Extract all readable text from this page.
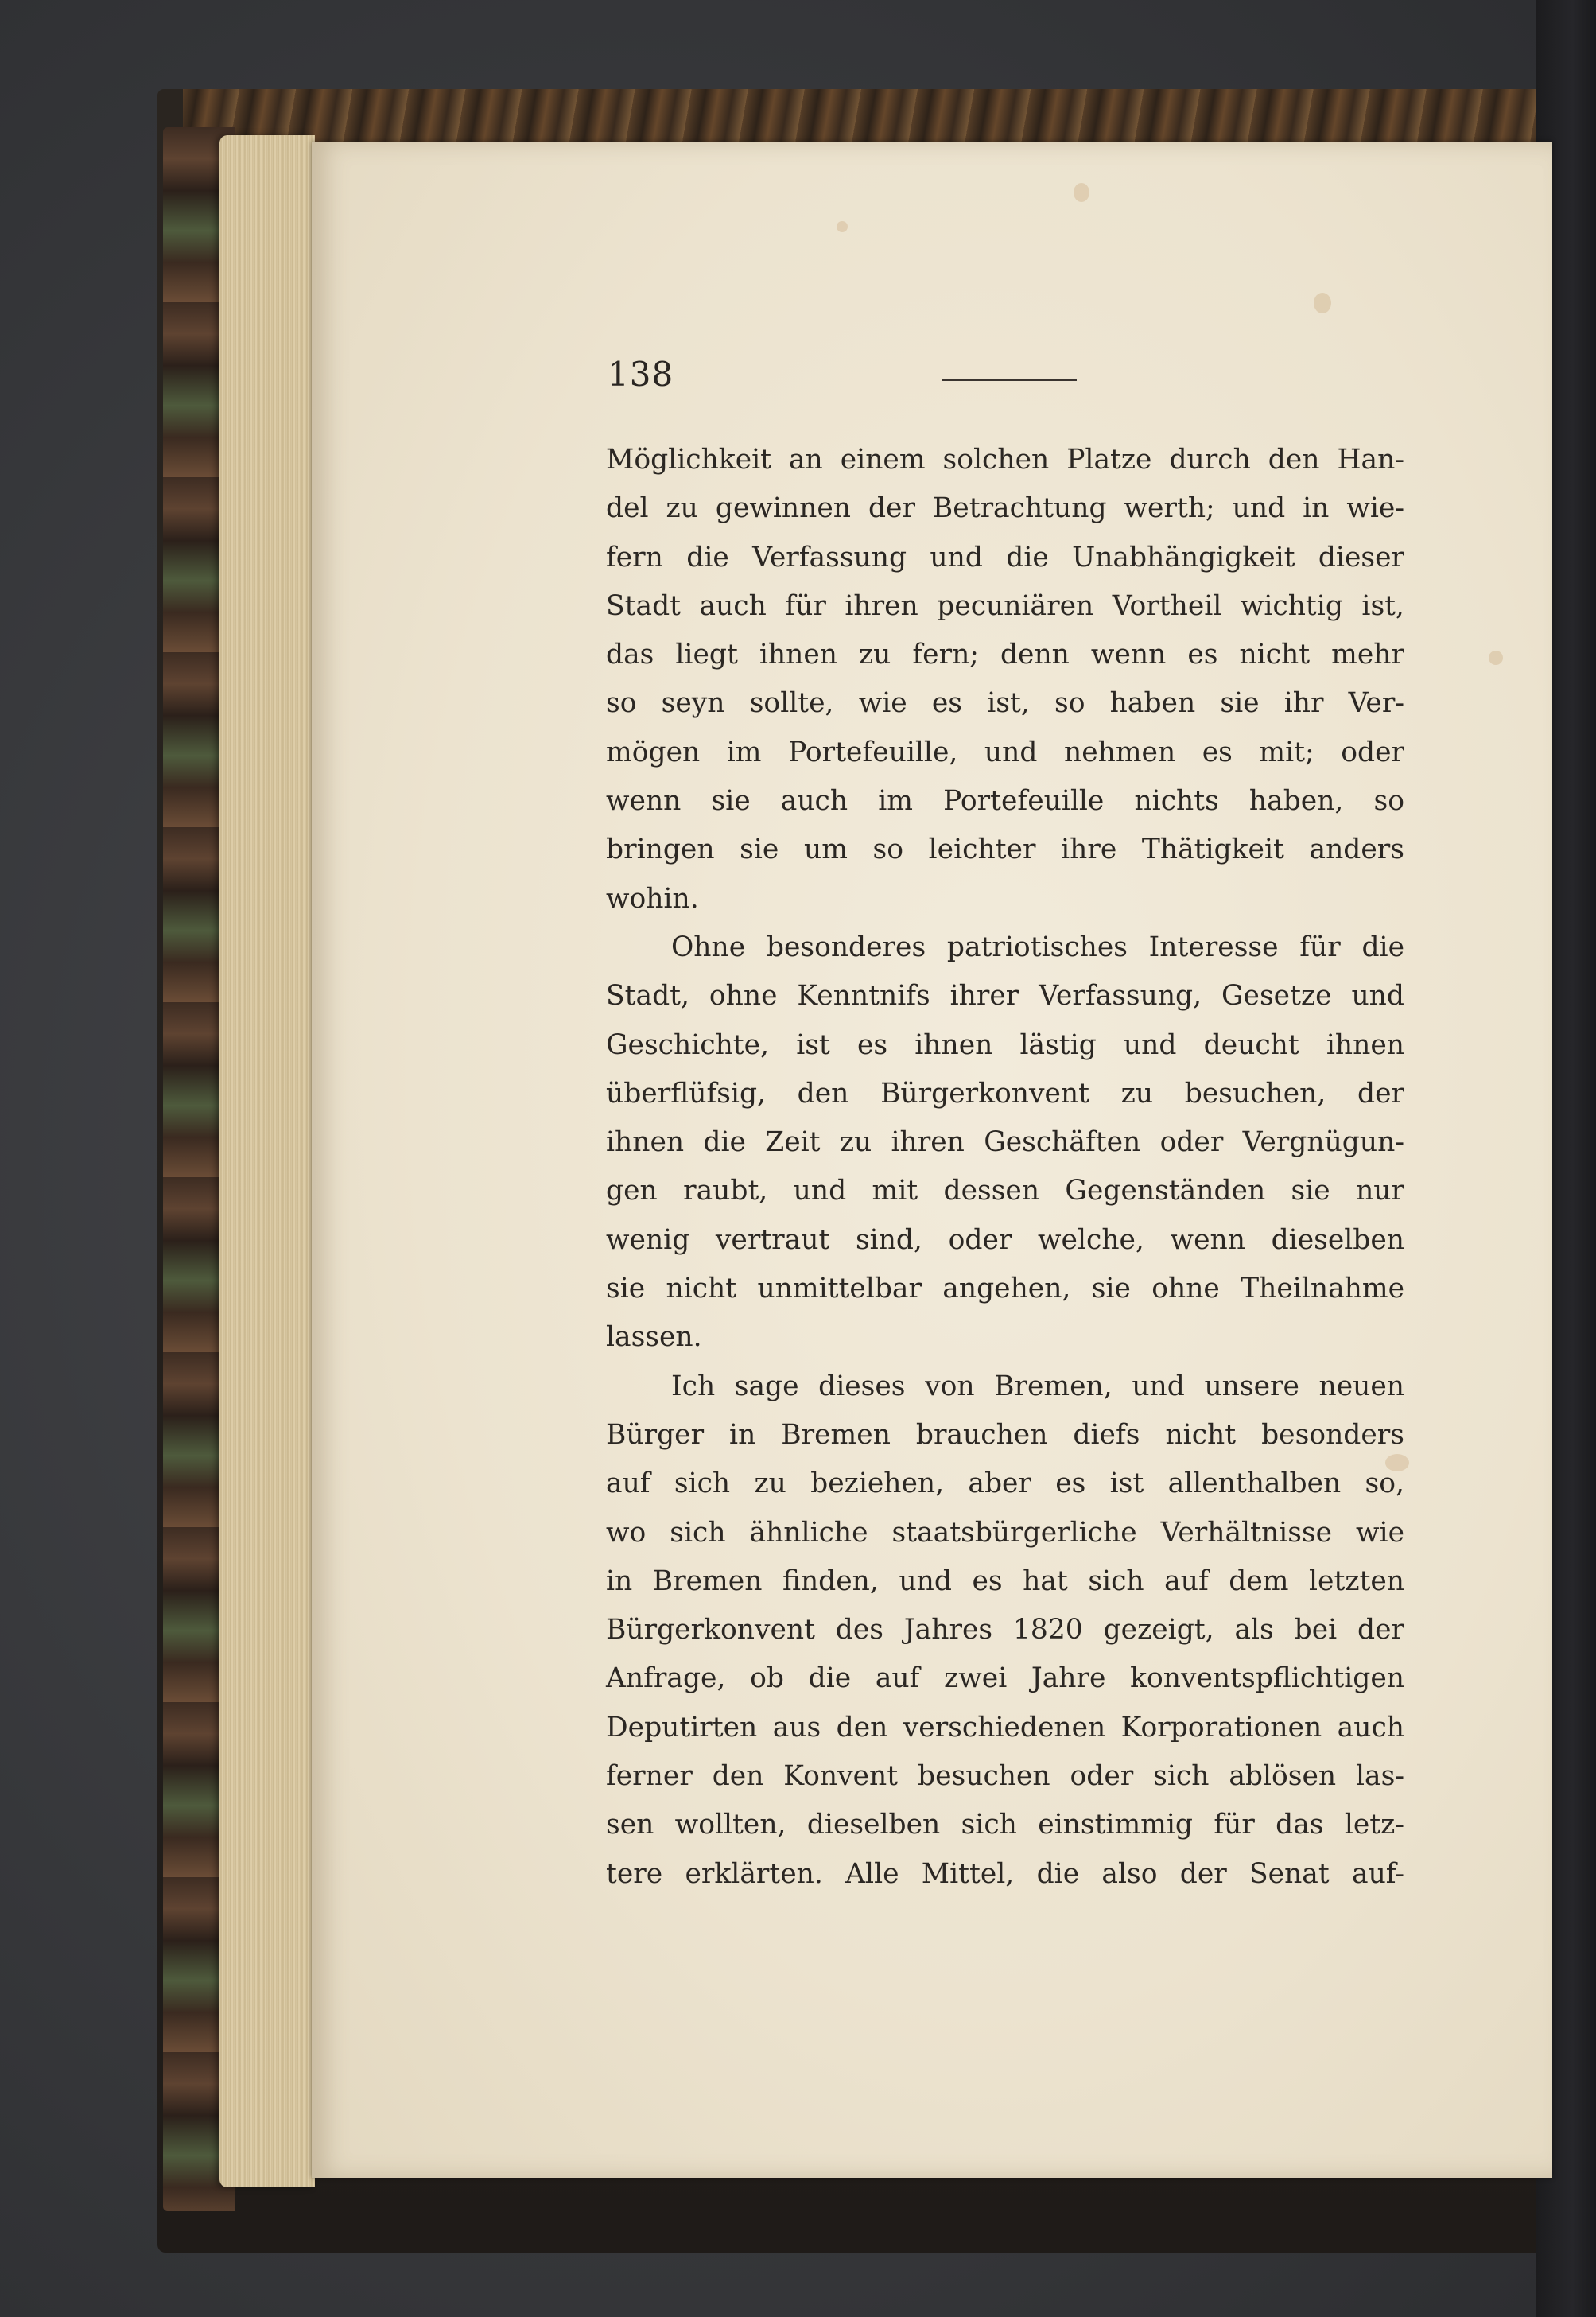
138
Möglichkeit an einem solchen Platze durch den Han-
del zu gewinnen der Betrachtung werth; und in wie-
fern die Verfassung und die Unabhängigkeit dieser
Stadt auch für ihren pecuniären Vortheil wichtig ist,
das liegt ihnen zu fern; denn wenn es nicht mehr
so seyn sollte, wie es ist, so haben sie ihr Ver-
mögen im Portefeuille, und nehmen es mit; oder
wenn sie auch im Portefeuille nichts haben, so
bringen sie um so leichter ihre Thätigkeit anders
wohin.
Ohne besonderes patriotisches Interesse für die
Stadt, ohne Kenntnifs ihrer Verfassung, Gesetze und
Geschichte, ist es ihnen lästig und deucht ihnen
überflüfsig, den Bürgerkonvent zu besuchen, der
ihnen die Zeit zu ihren Geschäften oder Vergnügun-
gen raubt, und mit dessen Gegenständen sie nur
wenig vertraut sind, oder welche, wenn dieselben
sie nicht unmittelbar angehen, sie ohne Theilnahme
lassen.
Ich sage dieses von Bremen, und unsere neuen
Bürger in Bremen brauchen diefs nicht besonders
auf sich zu beziehen, aber es ist allenthalben so,
wo sich ähnliche staatsbürgerliche Verhältnisse wie
in Bremen finden, und es hat sich auf dem letzten
Bürgerkonvent des Jahres 1820 gezeigt, als bei der
Anfrage, ob die auf zwei Jahre konventspflichtigen
Deputirten aus den verschiedenen Korporationen auch
ferner den Konvent besuchen oder sich ablösen las-
sen wollten, dieselben sich einstimmig für das letz-
tere erklärten. Alle Mittel, die also der Senat auf-
